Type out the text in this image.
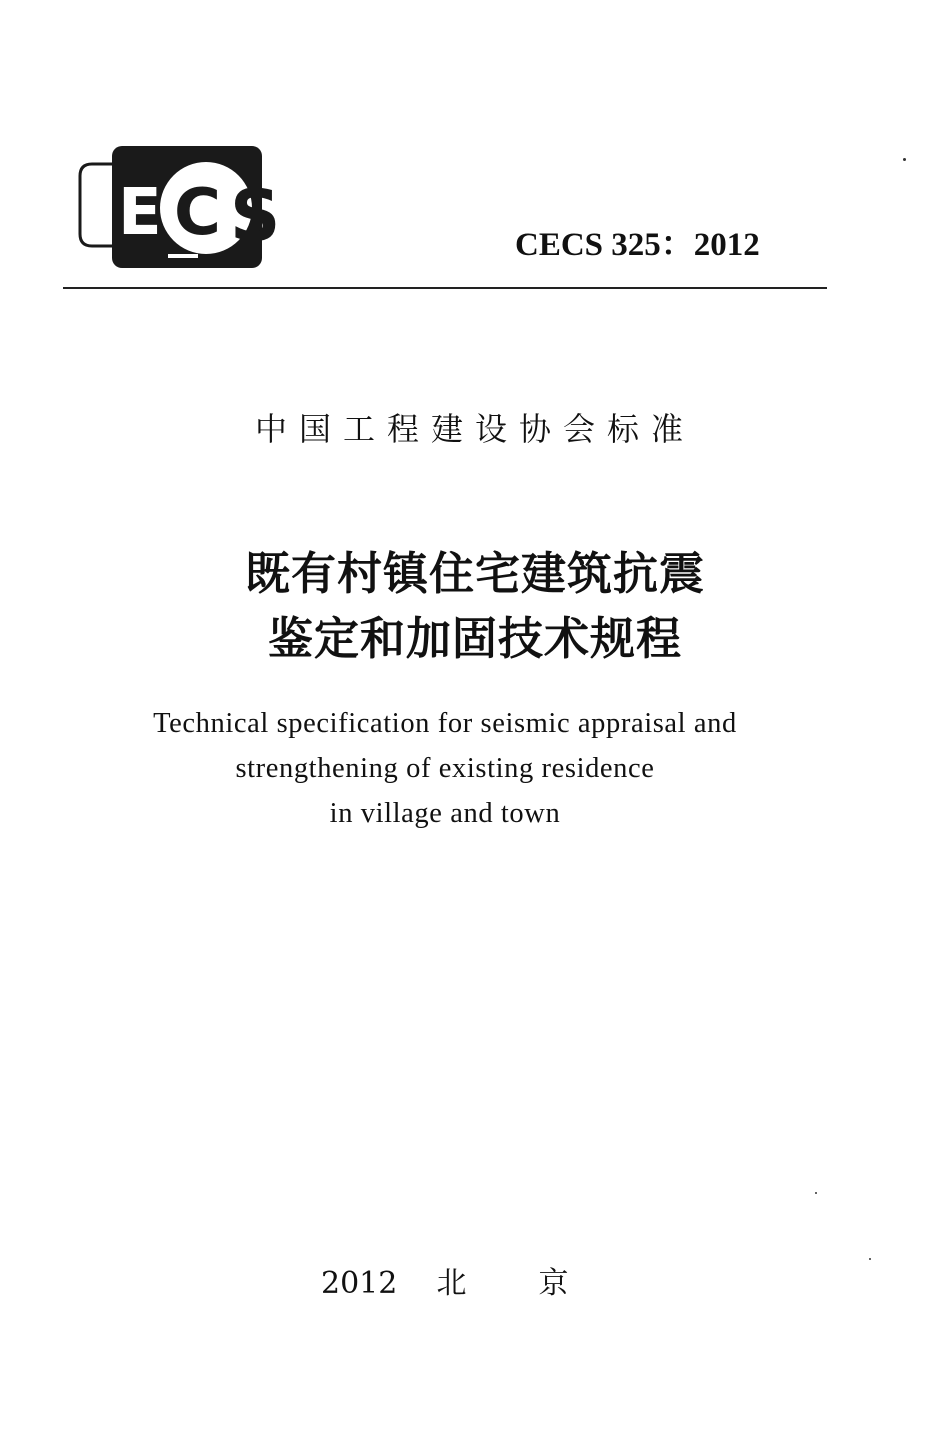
E C S	CECS 325：2012
中国工程建设协会标准
既有村镇住宅建筑抗震
鉴定和加固技术规程
Technical specification for seismic appraisal and
strengthening of existing residence
in village and town
2012 北京
